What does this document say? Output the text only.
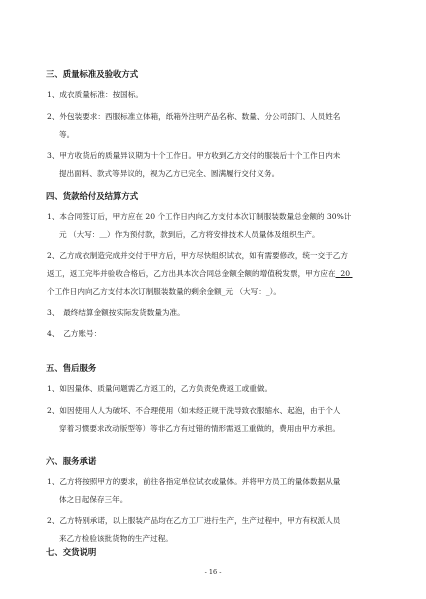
三、质量标准及验收方式
1、成衣质量标准：按国标。
2、外包装要求：西服标准立体箱，纸箱外注明产品名称、数量、分公司部门、人员姓名
等。
3、甲方收货后的质量异议期为十个工作日。甲方收到乙方交付的服装后十个工作日内未
提出面料、款式等异议的，视为乙方已完全、圆满履行交付义务。
四、货款给付及结算方式
1、本合同签订后，甲方应在 20 个工作日内向乙方支付本次订制服装数量总金额的 30%计
元 （大写：＿）作为预付款，款到后，乙方将安排技术人员量体及组织生产。
2、乙方成衣制造完成并交付于甲方后，甲方尽快组织试衣，如有需要修改，统一交于乙方
返工，返工完毕并验收合格后，乙方出具本次合同总金额全额的增值税发票，甲方应在 20
个工作日内向乙方支付本次订制服装数量的剩余金额_元 （大写：_）。
3、　最终结算金额按实际发货数量为准。
4、　乙方账号：
五、售后服务
1、如因量体、质量问题需乙方返工的，乙方负责免费返工或重做。
2、如因使用人人为破坏、不合理使用（如未经正规干洗导致衣服缩水、起泡，由于个人
穿着习惯要求改动版型等）等非乙方有过错的情形需返工重做的，费用由甲方承担。
六、服务承诺
1、乙方将按照甲方的要求，前往各指定单位试衣或量体。并将甲方员工的量体数据从量
体之日起保存三年。
2、乙方特别承诺，以上服装产品均在乙方工厂进行生产，生产过程中，甲方有权派人员
来乙方检验该批货物的生产过程。
七、交货说明
- 16 -
